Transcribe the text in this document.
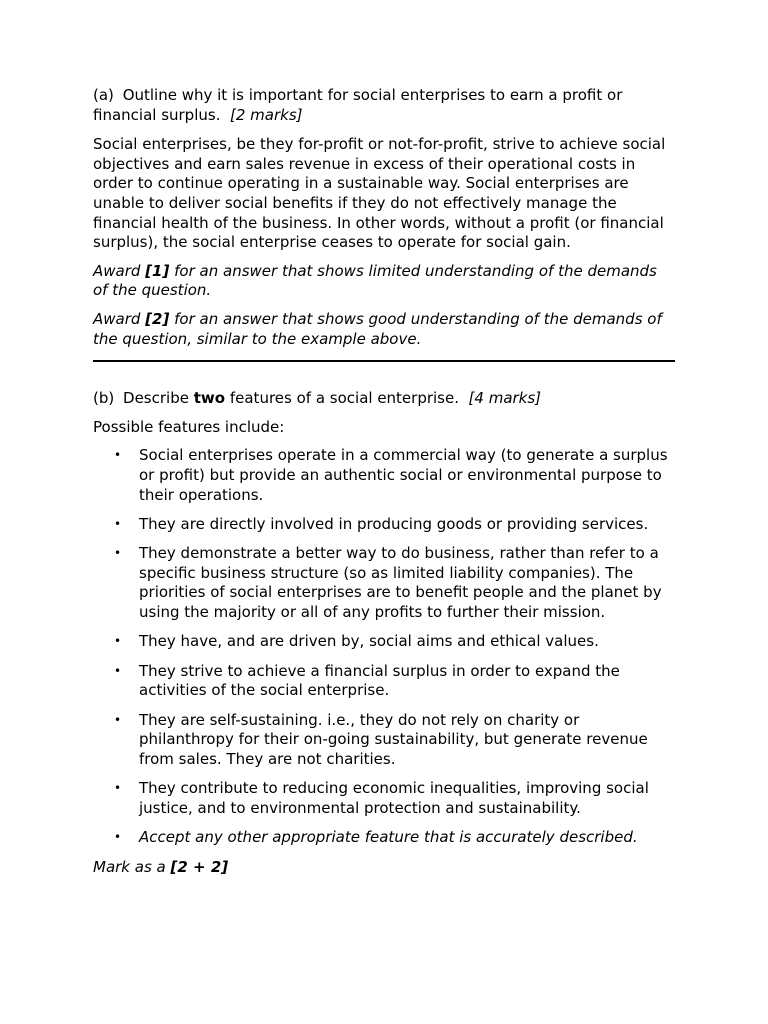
(a) Outline why it is important for social enterprises to earn a profit or financial surplus. [2 marks]

Social enterprises, be they for-profit or not-for-profit, strive to achieve social objectives and earn sales revenue in excess of their operational costs in order to continue operating in a sustainable way. Social enterprises are unable to deliver social benefits if they do not effectively manage the financial health of the business. In other words, without a profit (or financial surplus), the social enterprise ceases to operate for social gain.

Award [1] for an answer that shows limited understanding of the demands of the question.

Award [2] for an answer that shows good understanding of the demands of the question, similar to the example above.

(b) Describe two features of a social enterprise. [4 marks]

Possible features include:

• Social enterprises operate in a commercial way (to generate a surplus or profit) but provide an authentic social or environmental purpose to their operations.
• They are directly involved in producing goods or providing services.
• They demonstrate a better way to do business, rather than refer to a specific business structure (so as limited liability companies). The priorities of social enterprises are to benefit people and the planet by using the majority or all of any profits to further their mission.
• They have, and are driven by, social aims and ethical values.
• They strive to achieve a financial surplus in order to expand the activities of the social enterprise.
• They are self-sustaining. i.e., they do not rely on charity or philanthropy for their on-going sustainability, but generate revenue from sales. They are not charities.
• They contribute to reducing economic inequalities, improving social justice, and to environmental protection and sustainability.
• Accept any other appropriate feature that is accurately described.

Mark as a [2 + 2]
